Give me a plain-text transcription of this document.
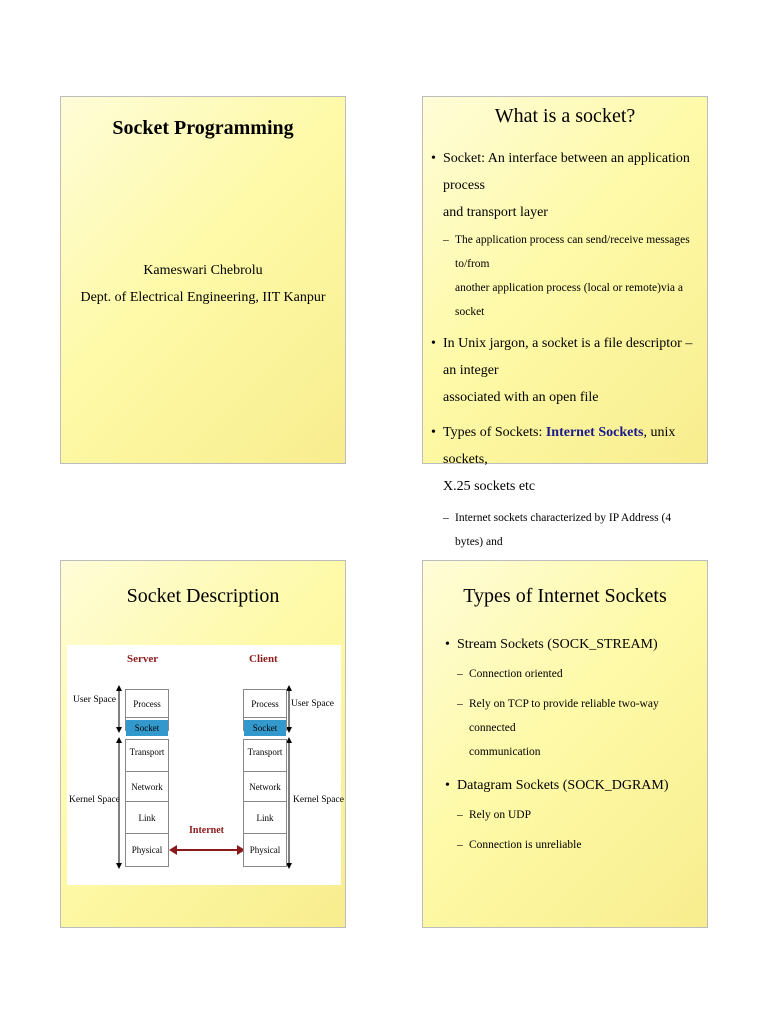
Socket Programming
Kameswari Chebrolu
Dept. of Electrical Engineering, IIT Kanpur
What is a socket?
• Socket: An interface between an application process
and transport layer
– The application process can send/receive messages to/from
another application process (local or remote)via a socket
• In Unix jargon, a socket is a file descriptor – an integer
associated with an open file
• Types of Sockets: Internet Sockets, unix sockets,
X.25 sockets etc
– Internet sockets characterized by IP Address (4 bytes) and
Socket Description
Server	Client
User Space	User Space
Kernel Space	Kernel Space
Internet
Process
Socket
Transport
Network
Link
Physical
Process
Socket
Transport
Network
Link
Physical
Types of Internet Sockets
• Stream Sockets (SOCK_STREAM)
– Connection oriented
– Rely on TCP to provide reliable two-way connected
communication
• Datagram Sockets (SOCK_DGRAM)
– Rely on UDP
– Connection is unreliable
